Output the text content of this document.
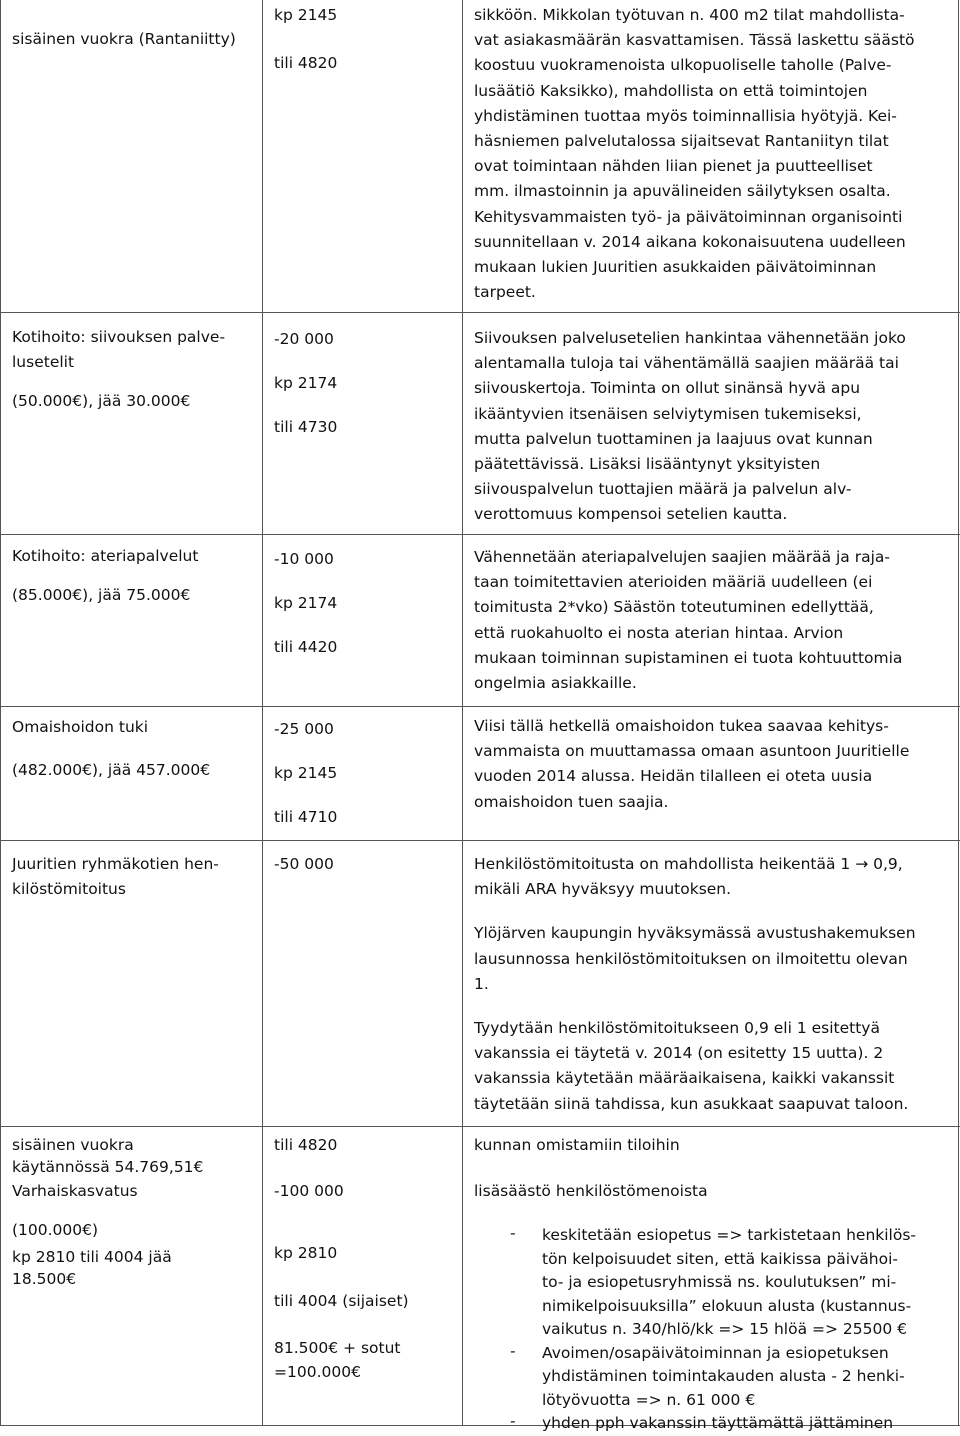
sisäinen vuokra (Rantaniitty)
kp 2145
tili 4820
sikköön. Mikkolan työtuvan n. 400 m2 tilat mahdollista-
vat asiakasmäärän kasvattamisen. Tässä laskettu säästö
koostuu vuokramenoista ulkopuoliselle taholle (Palve-
lusäätiö Kaksikko), mahdollista on että toimintojen
yhdistäminen tuottaa myös toiminnallisia hyötyjä. Kei-
häsniemen palvelutalossa sijaitsevat Rantaniityn tilat
ovat toimintaan nähden liian pienet ja puutteelliset
mm. ilmastoinnin ja apuvälineiden säilytyksen osalta.
Kehitysvammaisten työ- ja päivätoiminnan organisointi
suunnitellaan v. 2014 aikana kokonaisuutena uudelleen
mukaan lukien Juuritien asukkaiden päivätoiminnan
tarpeet.
Kotihoito: siivouksen palve-
lusetelit
(50.000€), jää 30.000€
-20 000
kp 2174
tili 4730
Siivouksen palvelusetelien hankintaa vähennetään joko
alentamalla tuloja tai vähentämällä saajien määrää tai
siivouskertoja. Toiminta on ollut sinänsä hyvä apu
ikääntyvien itsenäisen selviytymisen tukemiseksi,
mutta palvelun tuottaminen ja laajuus ovat kunnan
päätettävissä. Lisäksi lisääntynyt yksityisten
siivouspalvelun tuottajien määrä ja palvelun alv-
verottomuus kompensoi setelien kautta.
Kotihoito: ateriapalvelut
(85.000€), jää 75.000€
-10 000
kp 2174
tili 4420
Vähennetään ateriapalvelujen saajien määrää ja raja-
taan toimitettavien aterioiden määriä uudelleen (ei
toimitusta 2*vko) Säästön toteutuminen edellyttää,
että ruokahuolto ei nosta aterian hintaa. Arvion
mukaan toiminnan supistaminen ei tuota kohtuuttomia
ongelmia asiakkaille.
Omaishoidon tuki
(482.000€), jää 457.000€
-25 000
kp 2145
tili 4710
Viisi tällä hetkellä omaishoidon tukea saavaa kehitys-
vammaista on muuttamassa omaan asuntoon Juuritielle
vuoden 2014 alussa. Heidän tilalleen ei oteta uusia
omaishoidon tuen saajia.
Juuritien ryhmäkotien hen-
kilöstömitoitus
-50 000	Henkilöstömitoitusta on mahdollista heikentää 1 → 0,9,
mikäli ARA hyväksyy muutoksen.
Ylöjärven kaupungin hyväksymässä avustushakemuksen
lausunnossa henkilöstömitoituksen on ilmoitettu olevan
1.
Tyydytään henkilöstömitoitukseen 0,9 eli 1 esitettyä
vakanssia ei täytetä v. 2014 (on esitetty 15 uutta). 2
vakanssia käytetään määräaikaisena, kaikki vakanssit
täytetään siinä tahdissa, kun asukkaat saapuvat taloon.
sisäinen vuokra
käytännössä 54.769,51€
tili 4820	kunnan omistamiin tiloihin
Varhaiskasvatus
(100.000€)
kp 2810 tili 4004 jää
18.500€
-100 000
kp 2810
tili 4004 (sijaiset)
81.500€ + sotut
=100.000€
lisäsäästö henkilöstömenoista
- keskitetään esiopetus => tarkistetaan henkilös-
tön kelpoisuudet siten, että kaikissa päivähoi-
to- ja esiopetusryhmissä ns. koulutuksen” mi-
nimikelpoisuuksilla” elokuun alusta (kustannus-
vaikutus n. 340/hlö/kk => 15 hlöä => 25500 €
- Avoimen/osapäivätoiminnan ja esiopetuksen
yhdistäminen toimintakauden alusta - 2 henki-
lötyövuotta => n. 61 000 €
- yhden pph vakanssin täyttämättä jättäminen
